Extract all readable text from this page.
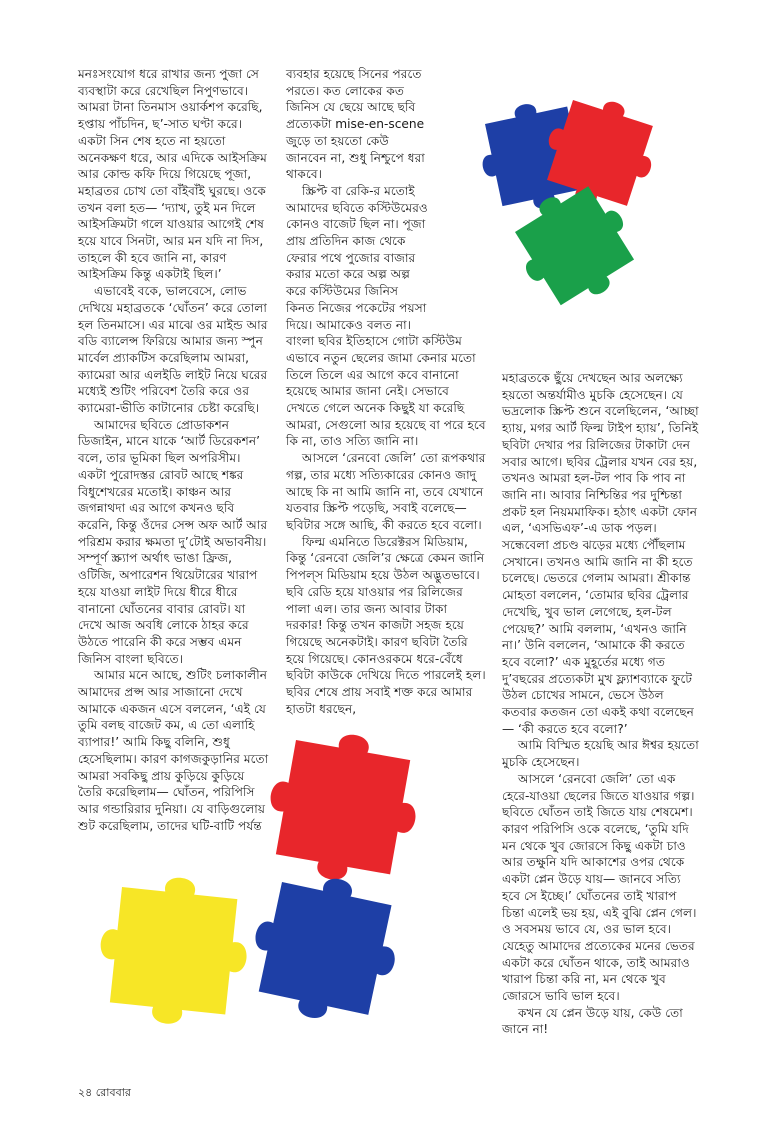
মনঃসংযোগ ধরে রাখার জন্য পুজা সে ব্যবস্থাটা করে রেখেছিল নিপুণভাবে। আমরা টানা তিনমাস ওয়ার্কশপ করেছি, হপ্তায় পাঁচদিন, ছ’-সাত ঘণ্টা করে। একটা সিন শেষ হতে না হয়তো অনেকক্ষণ ধরে, আর এদিকে আইসক্রিম আর কোল্ড কফি দিয়ে গিয়েছে পূজা, মহাব্রতর চোখ তো বাঁইবাঁই ঘুরছে। ওকে তখন বলা হত— ‘দ্যাখ, তুই মন দিলে আইসক্রিমটা গলে যাওয়ার আগেই শেষ হয়ে যাবে সিনটা, আর মন যদি না দিস, তাহলে কী হবে জানি না, কারণ আইসক্রিম কিন্তু একটাই ছিল।’

এভাবেই বকে, ভালবেসে, লোভ দেখিয়ে মহাব্রতকে ‘ঘোঁতন’ করে তোলা হল তিনমাসে। এর মাঝে ওর মাইন্ড আর বডি ব্যালেন্স ফিরিয়ে আমার জন্য স্পুন মার্বেল প্র্যাকটিস করেছিলাম আমরা, ক্যামেরা আর এলইডি লাইট নিয়ে ঘরের মধ্যেই শুটিং পরিবেশ তৈরি করে ওর ক্যামেরা-ভীতি কাটানোর চেষ্টা করেছি।

আমাদের ছবিতে প্রোডাকশন ডিজাইন, মানে যাকে ‘আর্ট ডিরেকশন’ বলে, তার ভূমিকা ছিল অপরিসীম। একটা পুরোদস্তর রোবট আছে শঙ্কর বিধুশেখরের মতোই। কাঞ্চন আর জগন্নাথদা এর আগে কখনও ছবি করেনি, কিন্তু ওঁদের সেন্স অফ আর্ট আর পরিশ্রম করার ক্ষমতা দু’টোই অভাবনীয়। সম্পূর্ণ স্ক্র্যাপ অর্থাৎ ভাঙা ফ্রিজ, ওটিজি, অপারেশন থিয়েটারের খারাপ হয়ে যাওয়া লাইট দিয়ে ধীরে ধীরে বানানো ঘোঁতনের বাবার রোবট। যা দেখে আজ অবধি লোকে ঠাহর করে উঠতে পারেনি কী করে সম্ভব এমন জিনিস বাংলা ছবিতে।

আমার মনে আছে, শুটিং চলাকালীন আমাদের প্রপ্স আর সাজানো দেখে আমাকে একজন এসে বললেন, ‘এই যে তুমি বলছ বাজেট কম, এ তো এলাহি ব্যাপার!’ আমি কিছু বলিনি, শুধু হেসেছিলাম। কারণ কাগজকুড়ানির মতো আমরা সবকিছু প্রায় কুড়িয়ে কুড়িয়ে তৈরি করেছিলাম— ঘোঁতন, পরিপিসি আর গন্ডারিরার দুনিয়া। যে বাড়িগুলোয় শুট করেছিলাম, তাদের ঘটি-বাটি পর্যন্ত

ব্যবহার হয়েছে সিনের পরতে পরতে। কত লোকের কত জিনিস যে ছেয়ে আছে ছবি প্রত্যেকটা mise-en-scene জুড়ে তা হয়তো কেউ জানবেন না, শুধু নিশ্চুপে ধরা থাকবে।

স্ক্রিপ্ট বা রেকি-র মতোই আমাদের ছবিতে কস্টিউমেরও কোনও বাজেট ছিল না। পূজা প্রায় প্রতিদিন কাজ থেকে ফেরার পথে পুজোর বাজার করার মতো করে অল্প অল্প করে কস্টিউমের জিনিস কিনত নিজের পকেটের পয়সা দিয়ে। আমাকেও বলত না।

বাংলা ছবির ইতিহাসে গোটা কস্টিউম এভাবে নতুন ছেলের জামা কেনার মতো তিলে তিলে এর আগে কবে বানানো হয়েছে আমার জানা নেই। সেভাবে দেখতে গেলে অনেক কিছুই যা করেছি আমরা, সেগুলো আর হয়েছে বা পরে হবে কি না, তাও সত্যি জানি না।

আসলে ‘রেনবো জেলি’ তো রূপকথার গল্প, তার মধ্যে সত্যিকারের কোনও জাদু আছে কি না আমি জানি না, তবে যেখানে যতবার স্ক্রিপ্ট পড়েছি, সবাই বলেছে— ছবিটার সঙ্গে আছি, কী করতে হবে বলো।

ফিল্ম এমনিতে ডিরেক্টরস মিডিয়াম, কিন্তু ‘রেনবো জেলি’র ক্ষেত্রে কেমন জানি পিপল্‌স মিডিয়াম হয়ে উঠল অদ্ভুতভাবে। ছবি রেডি হয়ে যাওয়ার পর রিলিজের পালা এল। তার জন্য আবার টাকা দরকার! কিন্তু তখন কাজটা সহজ হয়ে গিয়েছে অনেকটাই। কারণ ছবিটা তৈরি হয়ে গিয়েছে। কোনওরকমে ধরে-বেঁধে ছবিটা কাউকে দেখিয়ে দিতে পারলেই হল। ছবির শেষে প্রায় সবাই শক্ত করে আমার হাতটা ধরছেন,

মহাব্রতকে ছুঁয়ে দেখছেন আর অলক্ষ্যে হয়তো অন্তর্যামীও মুচকি হেসেছেন। যে ভদ্রলোক স্ক্রিপ্ট শুনে বলেছিলেন, ‘আচ্ছা হ্যায়, মগর আর্ট ফিল্ম টাইপ হ্যায়’, তিনিই ছবিটা দেখার পর রিলিজের টাকাটা দেন সবার আগে। ছবির ট্রেলার যখন বের হয়, তখনও আমরা হল-টল পাব কি পাব না জানি না। আবার নিশ্চিন্তির পর দুশ্চিন্তা প্রকট হল নিয়মমাফিক। হঠাৎ একটা ফোন এল, ‘এসভিএফ’-এ ডাক পড়ল। সন্ধেবেলা প্রচণ্ড ঝড়ের মধ্যে পৌঁছলাম সেখানে। তখনও আমি জানি না কী হতে চলেছে। ভেতরে গেলাম আমরা। শ্রীকান্ত মোহতা বললেন, ‘তোমার ছবির ট্রেলার দেখেছি, খুব ভাল লেগেছে, হল-টল পেয়েছ?’ আমি বললাম, ‘এখনও জানি না।’ উনি বললেন, ‘আমাকে কী করতে হবে বলো?’ এক মুহূর্তের মধ্যে গত দু’বছরের প্রত্যেকটা মুখ ফ্ল্যাশব্যাকে ফুটে উঠল চোখের সামনে, ভেসে উঠল কতবার কতজন তো একই কথা বলেছেন— ‘কী করতে হবে বলো?’

আমি বিস্মিত হয়েছি আর ঈশ্বর হয়তো মুচকি হেসেছেন।

আসলে ‘রেনবো জেলি’ তো এক হেরে-যাওয়া ছেলের জিতে যাওয়ার গল্প। ছবিতে ঘোঁতন তাই জিতে যায় শেষমেশ। কারণ পরিপিসি ওকে বলেছে, ‘তুমি যদি মন থেকে খুব জোরসে কিছু একটা চাও আর তক্ষুনি যদি আকাশের ওপর থেকে একটা প্লেন উড়ে যায়— জানবে সত্যি হবে সে ইচ্ছে।’ ঘোঁতনের তাই খারাপ চিন্তা এলেই ভয় হয়, এই বুঝি প্লেন গেল। ও সবসময় ভাবে যে, ওর ভাল হবে। যেহেতু আমাদের প্রত্যেকের মনের ভেতর একটা করে ঘোঁতন থাকে, তাই আমরাও খারাপ চিন্তা করি না, মন থেকে খুব জোরসে ভাবি ভাল হবে।

কখন যে প্লেন উড়ে যায়, কেউ তো জানে না!

২৪ রোববার
